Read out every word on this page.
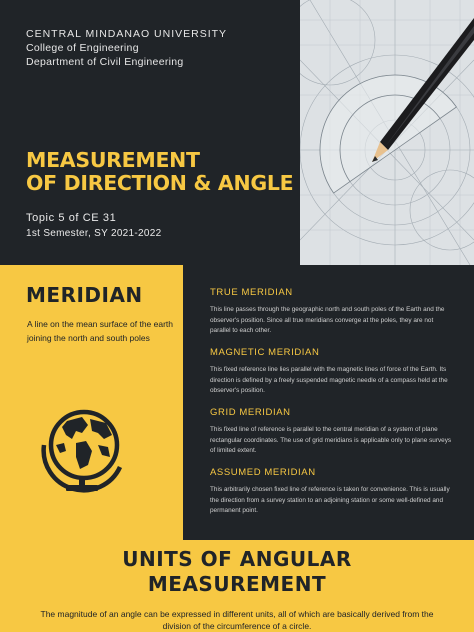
CENTRAL MINDANAO UNIVERSITY
College of Engineering
Department of Civil Engineering
MEASUREMENT
OF DIRECTION & ANGLE
Topic 5 of CE 31
1st Semester, SY 2021-2022
MERIDIAN
A line on the mean surface of the earth joining the north and south poles
TRUE MERIDIAN

This line passes through the geographic north and south poles of the Earth and the observer's position. Since all true meridians converge at the poles, they are not parallel to each other.

MAGNETIC MERIDIAN

This fixed reference line lies parallel with the magnetic lines of force of the Earth. Its direction is defined by a freely suspended magnetic needle of a compass held at the observer's position.

GRID MERIDIAN

This fixed line of reference is parallel to the central meridian of a system of plane rectangular coordinates. The use of grid meridians is applicable only to plane surveys of limited extent.

ASSUMED MERIDIAN

This arbitrarily chosen fixed line of reference is taken for convenience. This is usually the direction from a survey station to an adjoining station or some well-defined and permanent point.

UNITS OF ANGULAR
MEASUREMENT
The magnitude of an angle can be expressed in different units, all of which are basically derived from the division of the circumference of a circle.
